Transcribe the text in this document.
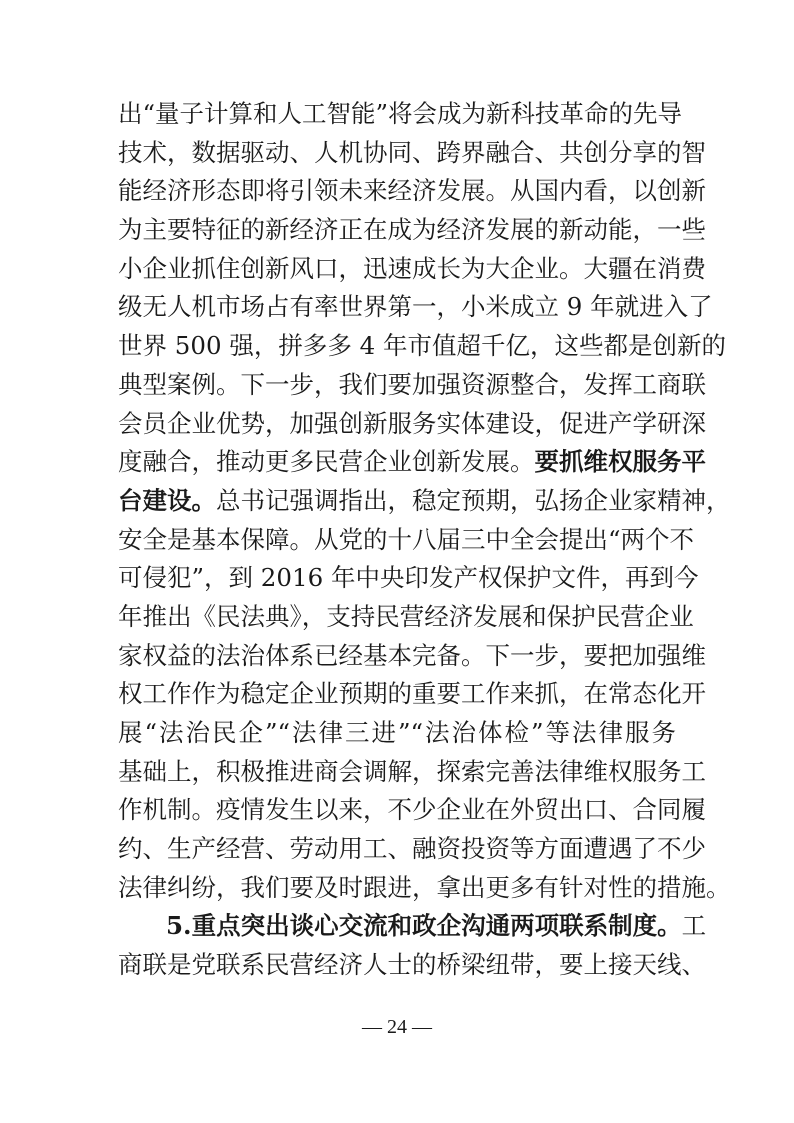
出“量子计算和人工智能”将会成为新科技革命的先导
技术，数据驱动、人机协同、跨界融合、共创分享的智
能经济形态即将引领未来经济发展。从国内看，以创新
为主要特征的新经济正在成为经济发展的新动能，一些
小企业抓住创新风口，迅速成长为大企业。大疆在消费
级无人机市场占有率世界第一，小米成立 9 年就进入了
世界 500 强，拼多多 4 年市值超千亿，这些都是创新的
典型案例。下一步，我们要加强资源整合，发挥工商联
会员企业优势，加强创新服务实体建设，促进产学研深
度融合，推动更多民营企业创新发展。要抓维权服务平
台建设。总书记强调指出，稳定预期，弘扬企业家精神，
安全是基本保障。从党的十八届三中全会提出“两个不
可侵犯”，到 2016 年中央印发产权保护文件，再到今
年推出《民法典》，支持民营经济发展和保护民营企业
家权益的法治体系已经基本完备。下一步，要把加强维
权工作作为稳定企业预期的重要工作来抓，在常态化开
展“法治民企”“法律三进”“法治体检”等法律服务
基础上，积极推进商会调解，探索完善法律维权服务工
作机制。疫情发生以来，不少企业在外贸出口、合同履
约、生产经营、劳动用工、融资投资等方面遭遇了不少
法律纠纷，我们要及时跟进，拿出更多有针对性的措施。
5.重点突出谈心交流和政企沟通两项联系制度。工
商联是党联系民营经济人士的桥梁纽带，要上接天线、
— 24 —
